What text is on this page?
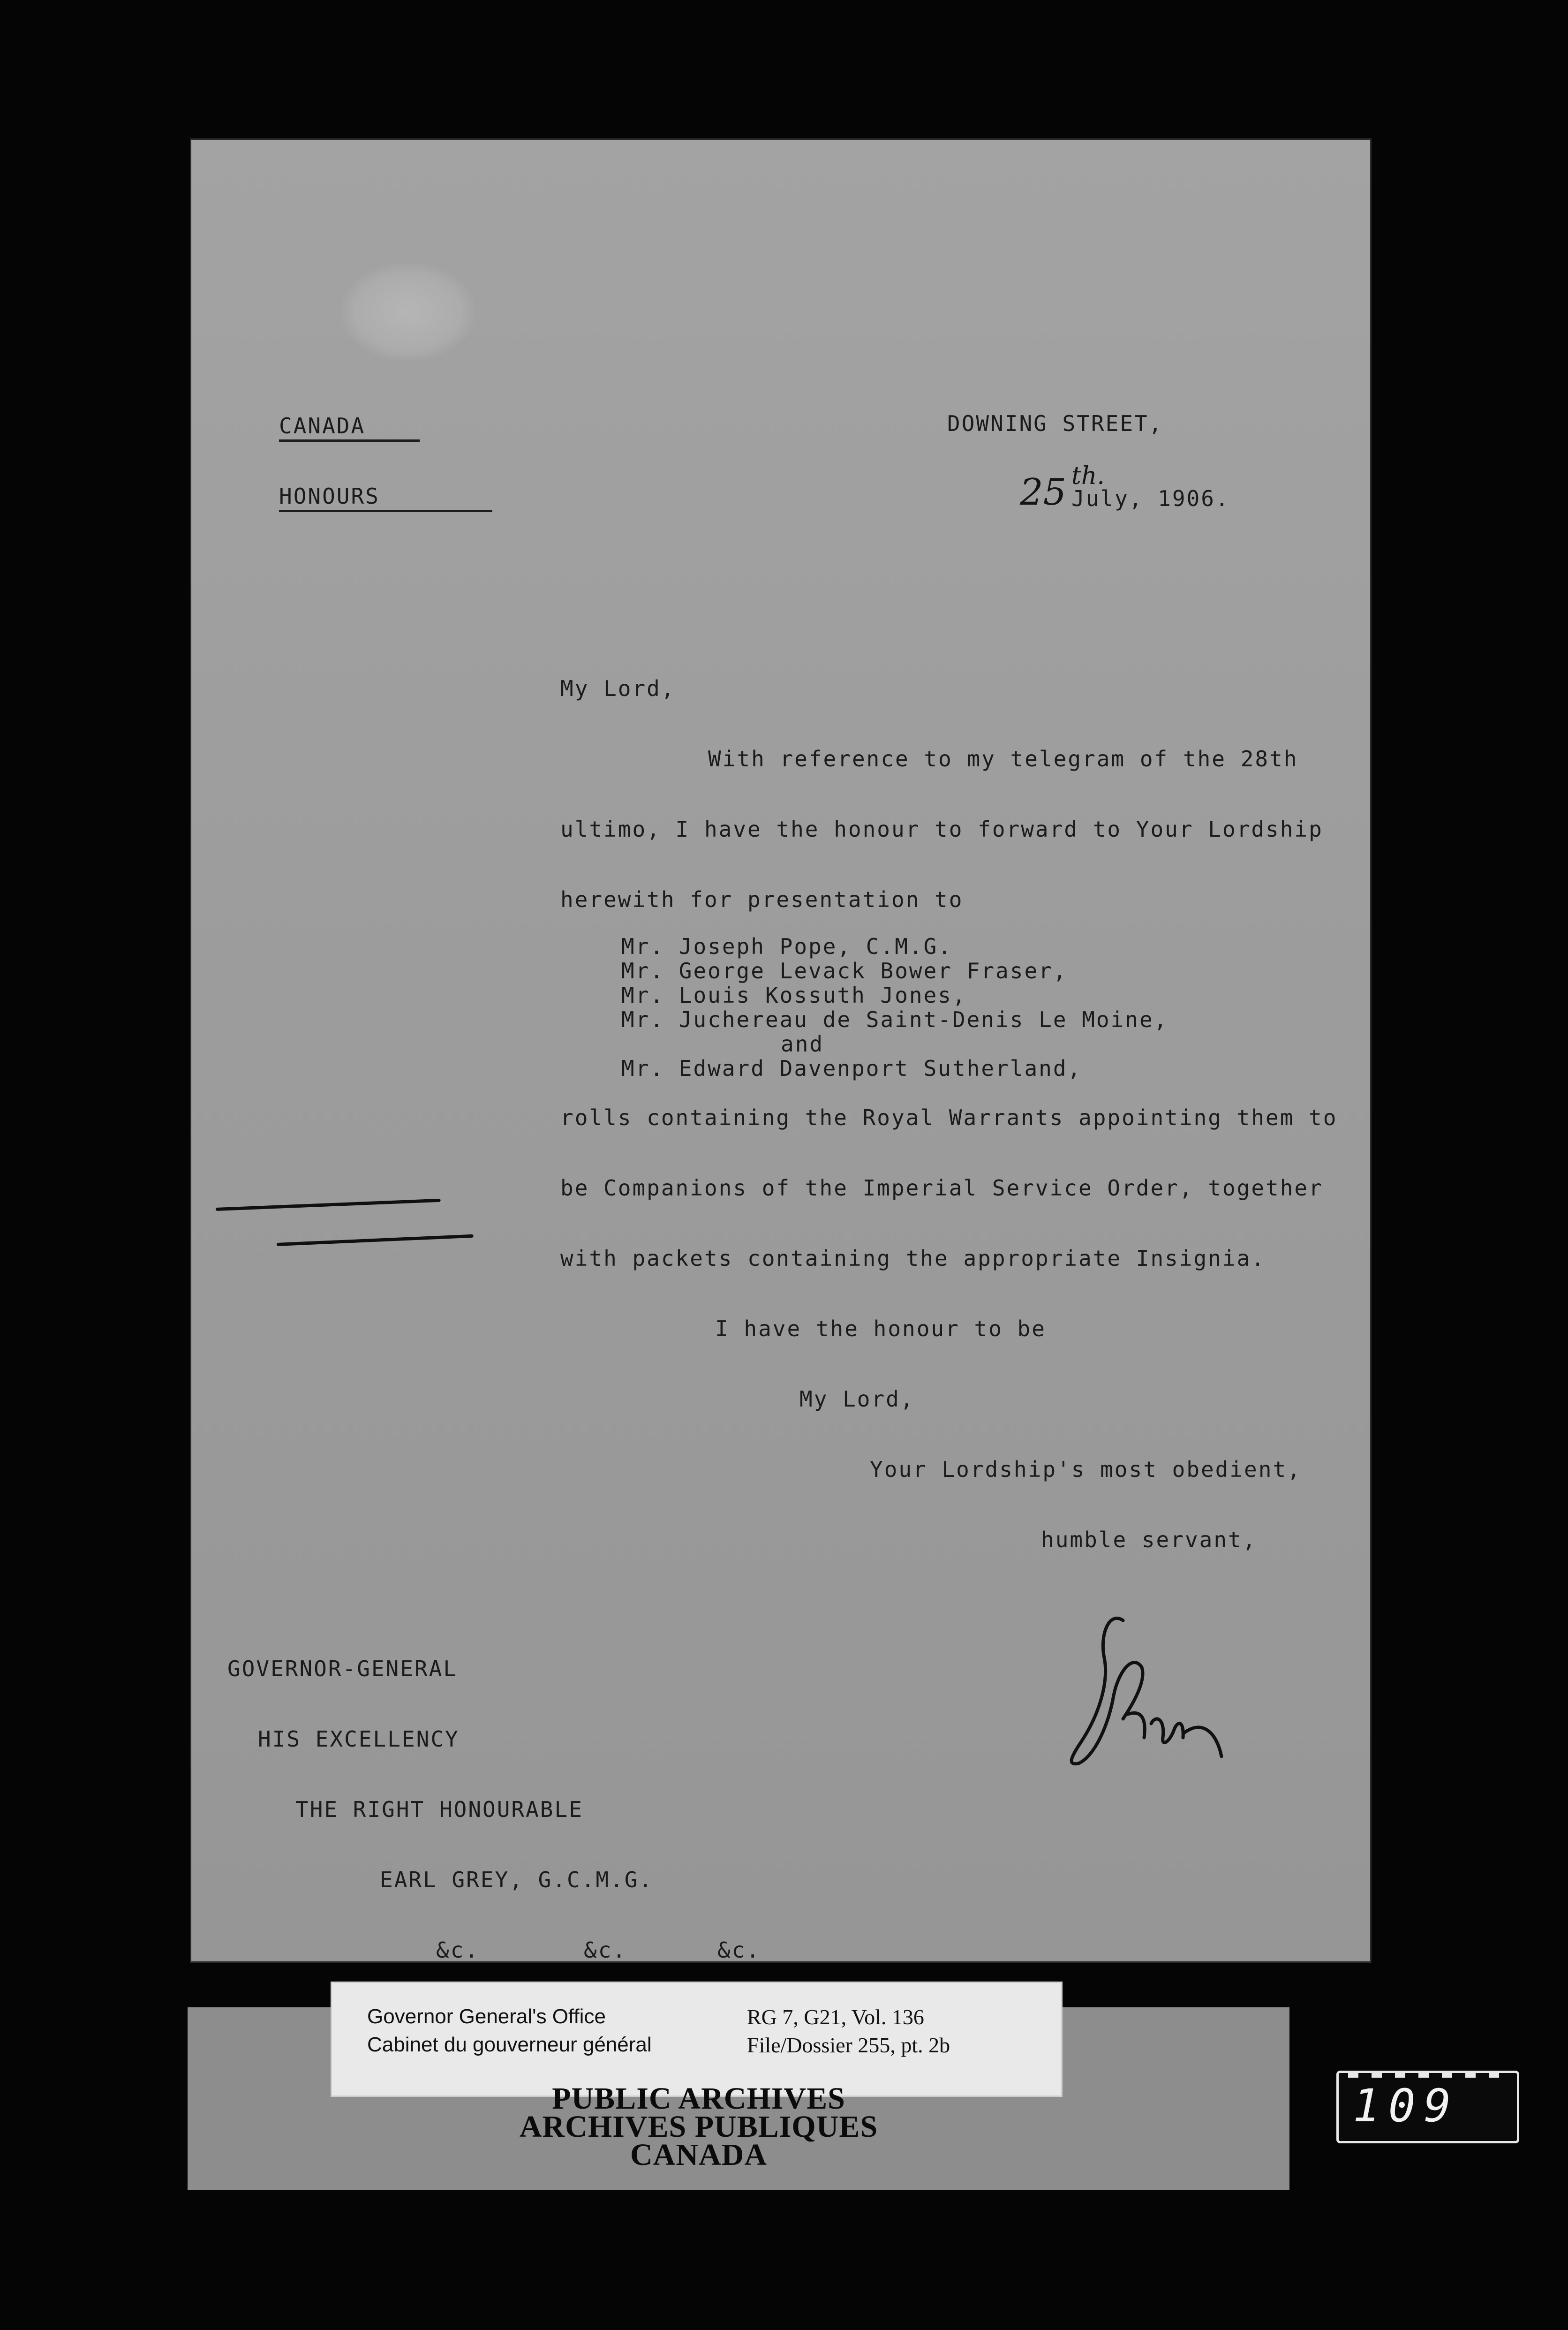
CANADA
HONOURS
DOWNING STREET,
25 th.
July, 1906.
My Lord,
With reference to my telegram of the 28th
ultimo, I have the honour to forward to Your Lordship
herewith for presentation to
Mr. Joseph Pope, C.M.G.
Mr. George Levack Bower Fraser,
Mr. Louis Kossuth Jones,
Mr. Juchereau de Saint-Denis Le Moine,
and
Mr. Edward Davenport Sutherland,
rolls containing the Royal Warrants appointing them to
be Companions of the Imperial Service Order, together
with packets containing the appropriate Insignia.
I have the honour to be
My Lord,
Your Lordship's most obedient,
humble servant,
GOVERNOR-GENERAL
HIS EXCELLENCY
THE RIGHT HONOURABLE
EARL GREY, G.C.M.G.
&c.	&c.	&c.
Governor General's Office
Cabinet du gouverneur général
RG 7, G21, Vol. 136
File/Dossier 255, pt. 2b
PUBLIC ARCHIVES
ARCHIVES PUBLIQUES
CANADA
109
